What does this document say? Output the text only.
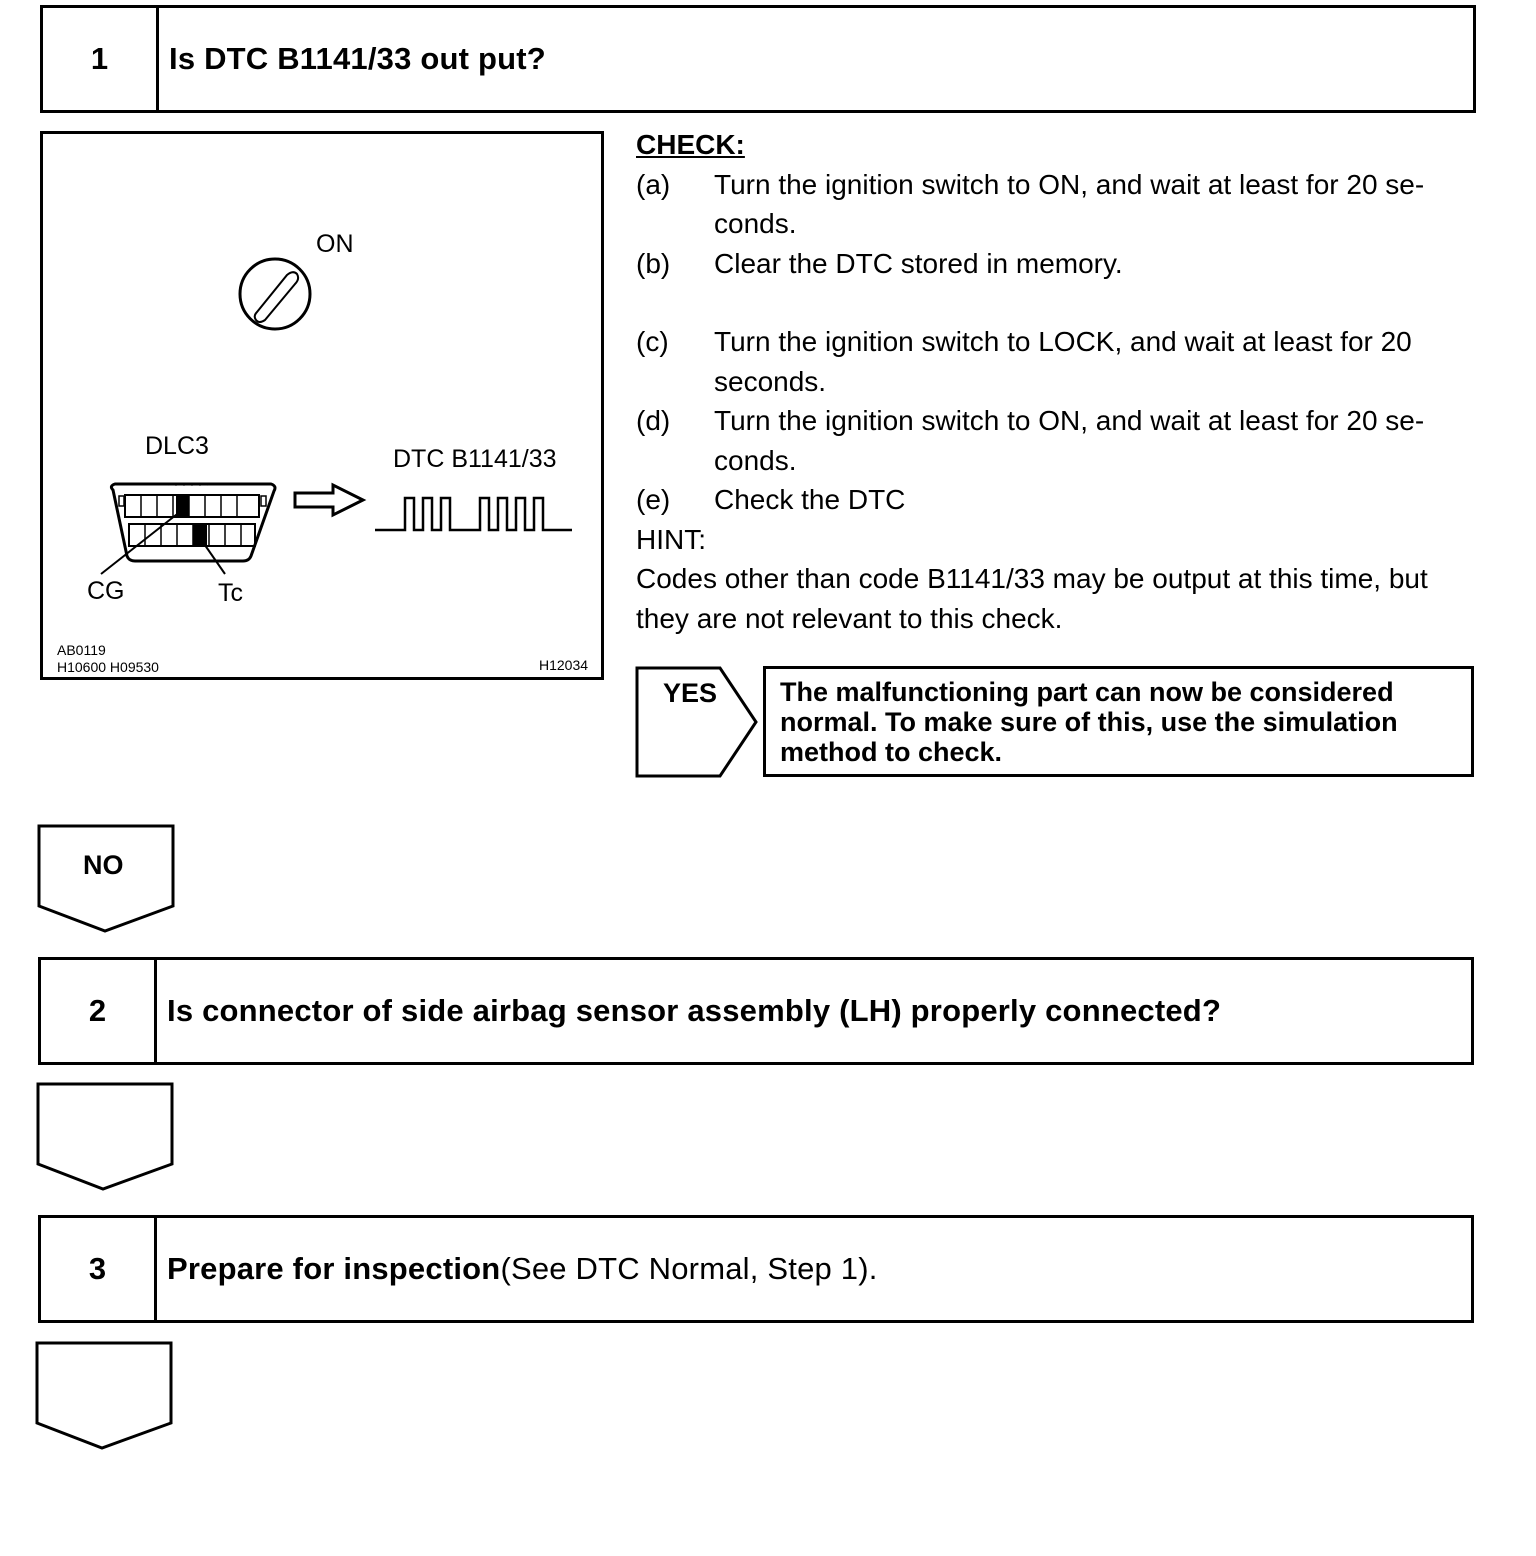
1	Is DTC B1141/33 out put?
ON
DLC3
CG	Tc
DTC B1141/33
AB0119
H10600 H09530	H12034
CHECK:
(a)	Turn the ignition switch to ON, and wait at least for 20 se-conds.
(b)	Clear the DTC stored in memory.
(c)	Turn the ignition switch to LOCK, and wait at least for 20 seconds.
(d)	Turn the ignition switch to ON, and wait at least for 20 se-conds.
(e)	Check the DTC
HINT:
Codes other than code B1141/33 may be output at this time, but they are not relevant to this check.
YES	The malfunctioning part can now be considered normal. To make sure of this, use the simulation method to check.
NO
2	Is connector of side airbag sensor assembly (LH) properly connected?
3	Prepare for inspection (See DTC Normal, Step 1).
